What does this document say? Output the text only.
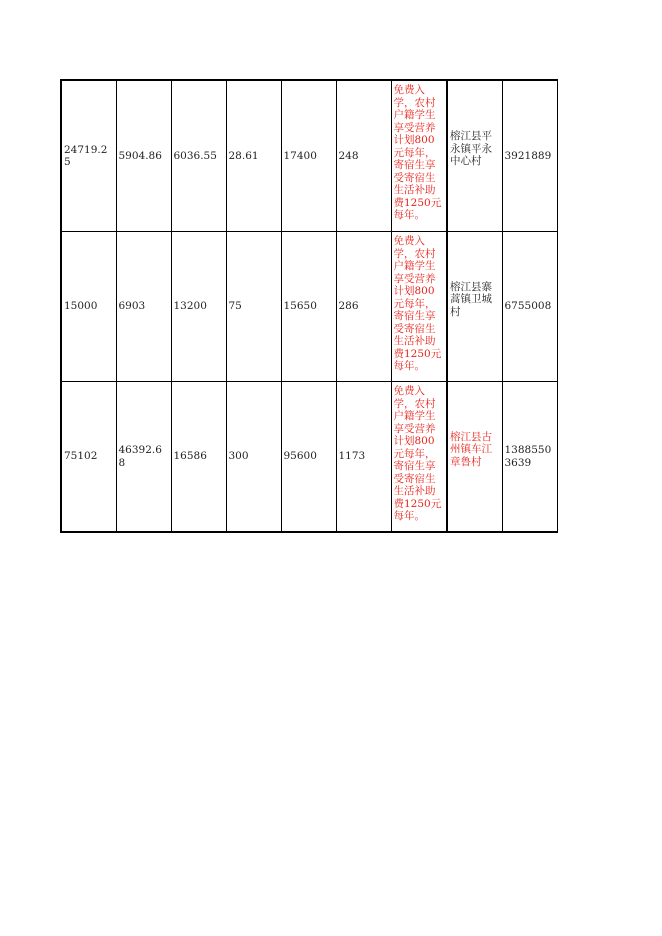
24719.25	5904.86	6036.55	28.61	17400	248	免费入学，农村户籍学生享受营养计划800元每年，寄宿生享受寄宿生生活补助费1250元每年。	榕江县平永镇平永中心村	3921889
15000	6903	13200	75	15650	286	免费入学，农村户籍学生享受营养计划800元每年，寄宿生享受寄宿生生活补助费1250元每年。	榕江县寨蒿镇卫城村	6755008
75102	46392.68	16586	300	95600	1173	免费入学，农村户籍学生享受营养计划800元每年，寄宿生享受寄宿生生活补助费1250元每年。	榕江县古州镇车江章鲁村	13885503639
